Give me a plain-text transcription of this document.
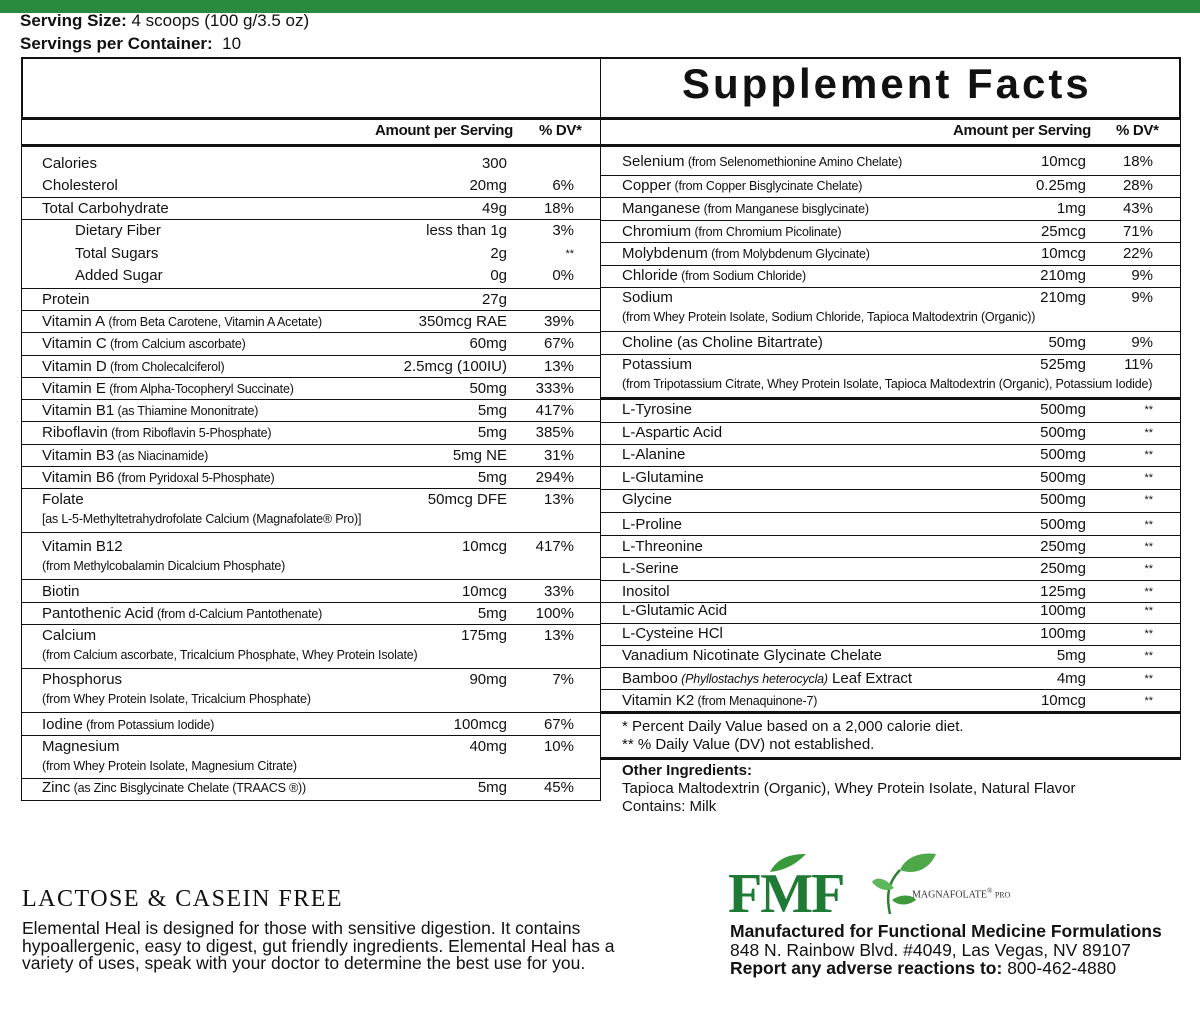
Serving Size: 4 scoops (100 g/3.5 oz)
Servings per Container: 10
Supplement Facts
Amount per Serving % DV*	Amount per Serving % DV*
Calories	300
Cholesterol	20mg	6%
Total Carbohydrate	49g 18%
Dietary Fiber	less than 1g	3%
Total Sugars	2g	**
Added Sugar	0g	0%
Protein	27g
Vitamin A (from Beta Carotene, Vitamin A Acetate)	350mcg RAE 39%
Vitamin C (from Calcium ascorbate)	60mg 67%
Vitamin D (from Cholecalciferol)	2.5mcg (100IU) 13%
Vitamin E (from Alpha-Tocopheryl Succinate)	50mg 333%
Vitamin B1 (as Thiamine Mononitrate)	5mg 417%
Riboflavin (from Riboflavin 5-Phosphate)	5mg 385%
Vitamin B3 (as Niacinamide)	5mg NE 31%
Vitamin B6 (from Pyridoxal 5-Phosphate)	5mg 294%
Folate
[as L-5-Methyltetrahydrofolate Calcium (Magnafolate® Pro)]
50mcg DFE 13%
Vitamin B12
(from Methylcobalamin Dicalcium Phosphate)
10mcg 417%
Biotin	10mcg 33%
Pantothenic Acid (from d-Calcium Pantothenate)	5mg 100%
Calcium
(from Calcium ascorbate, Tricalcium Phosphate, Whey Protein Isolate)
175mg 13%
Phosphorus
(from Whey Protein Isolate, Tricalcium Phosphate)
90mg	7%
Iodine (from Potassium Iodide)	100mcg 67%
Magnesium
(from Whey Protein Isolate, Magnesium Citrate)
40mg 10%
Zinc (as Zinc Bisglycinate Chelate (TRAACS ®))	5mg 45%
Selenium (from Selenomethionine Amino Chelate)	10mcg 18%
Copper (from Copper Bisglycinate Chelate)	0.25mg 28%
Manganese (from Manganese bisglycinate)	1mg 43%
Chromium (from Chromium Picolinate)	25mcg 71%
Molybdenum (from Molybdenum Glycinate)	10mcg 22%
Chloride (from Sodium Chloride)	210mg	9%
Sodium
(from Whey Protein Isolate, Sodium Chloride, Tapioca Maltodextrin (Organic))
210mg	9%
Choline (as Choline Bitartrate)	50mg	9%
Potassium
(from Tripotassium Citrate, Whey Protein Isolate, Tapioca Maltodextrin (Organic), Potassium Iodide)
525mg	11%
L-Tyrosine	500mg	**
L-Aspartic Acid	500mg	**
L-Alanine	500mg	**
L-Glutamine	500mg	**
Glycine	500mg	**
L-Proline	500mg	**
L-Threonine	250mg	**
L-Serine	250mg	**
Inositol	125mg	**
L-Glutamic Acid	100mg	**
L-Cysteine HCl	100mg	**
Vanadium Nicotinate Glycinate Chelate	5mg	**
Bamboo (Phyllostachys heterocycla) Leaf Extract	4mg	**
Vitamin K2 (from Menaquinone-7)	10mcg	**
* Percent Daily Value based on a 2,000 calorie diet.
** % Daily Value (DV) not established.
Other Ingredients:
Tapioca Maltodextrin (Organic), Whey Protein Isolate, Natural Flavor
Contains: Milk
LACTOSE & CASEIN FREE
Elemental Heal is designed for those with sensitive digestion. It contains
hypoallergenic, easy to digest, gut friendly ingredients. Elemental Heal has a
variety of uses, speak with your doctor to determine the best use for you.
FMF	MAGNAFOLATE® PRO
Manufactured for Functional Medicine Formulations
848 N. Rainbow Blvd. #4049, Las Vegas, NV 89107
Report any adverse reactions to: 800-462-4880
